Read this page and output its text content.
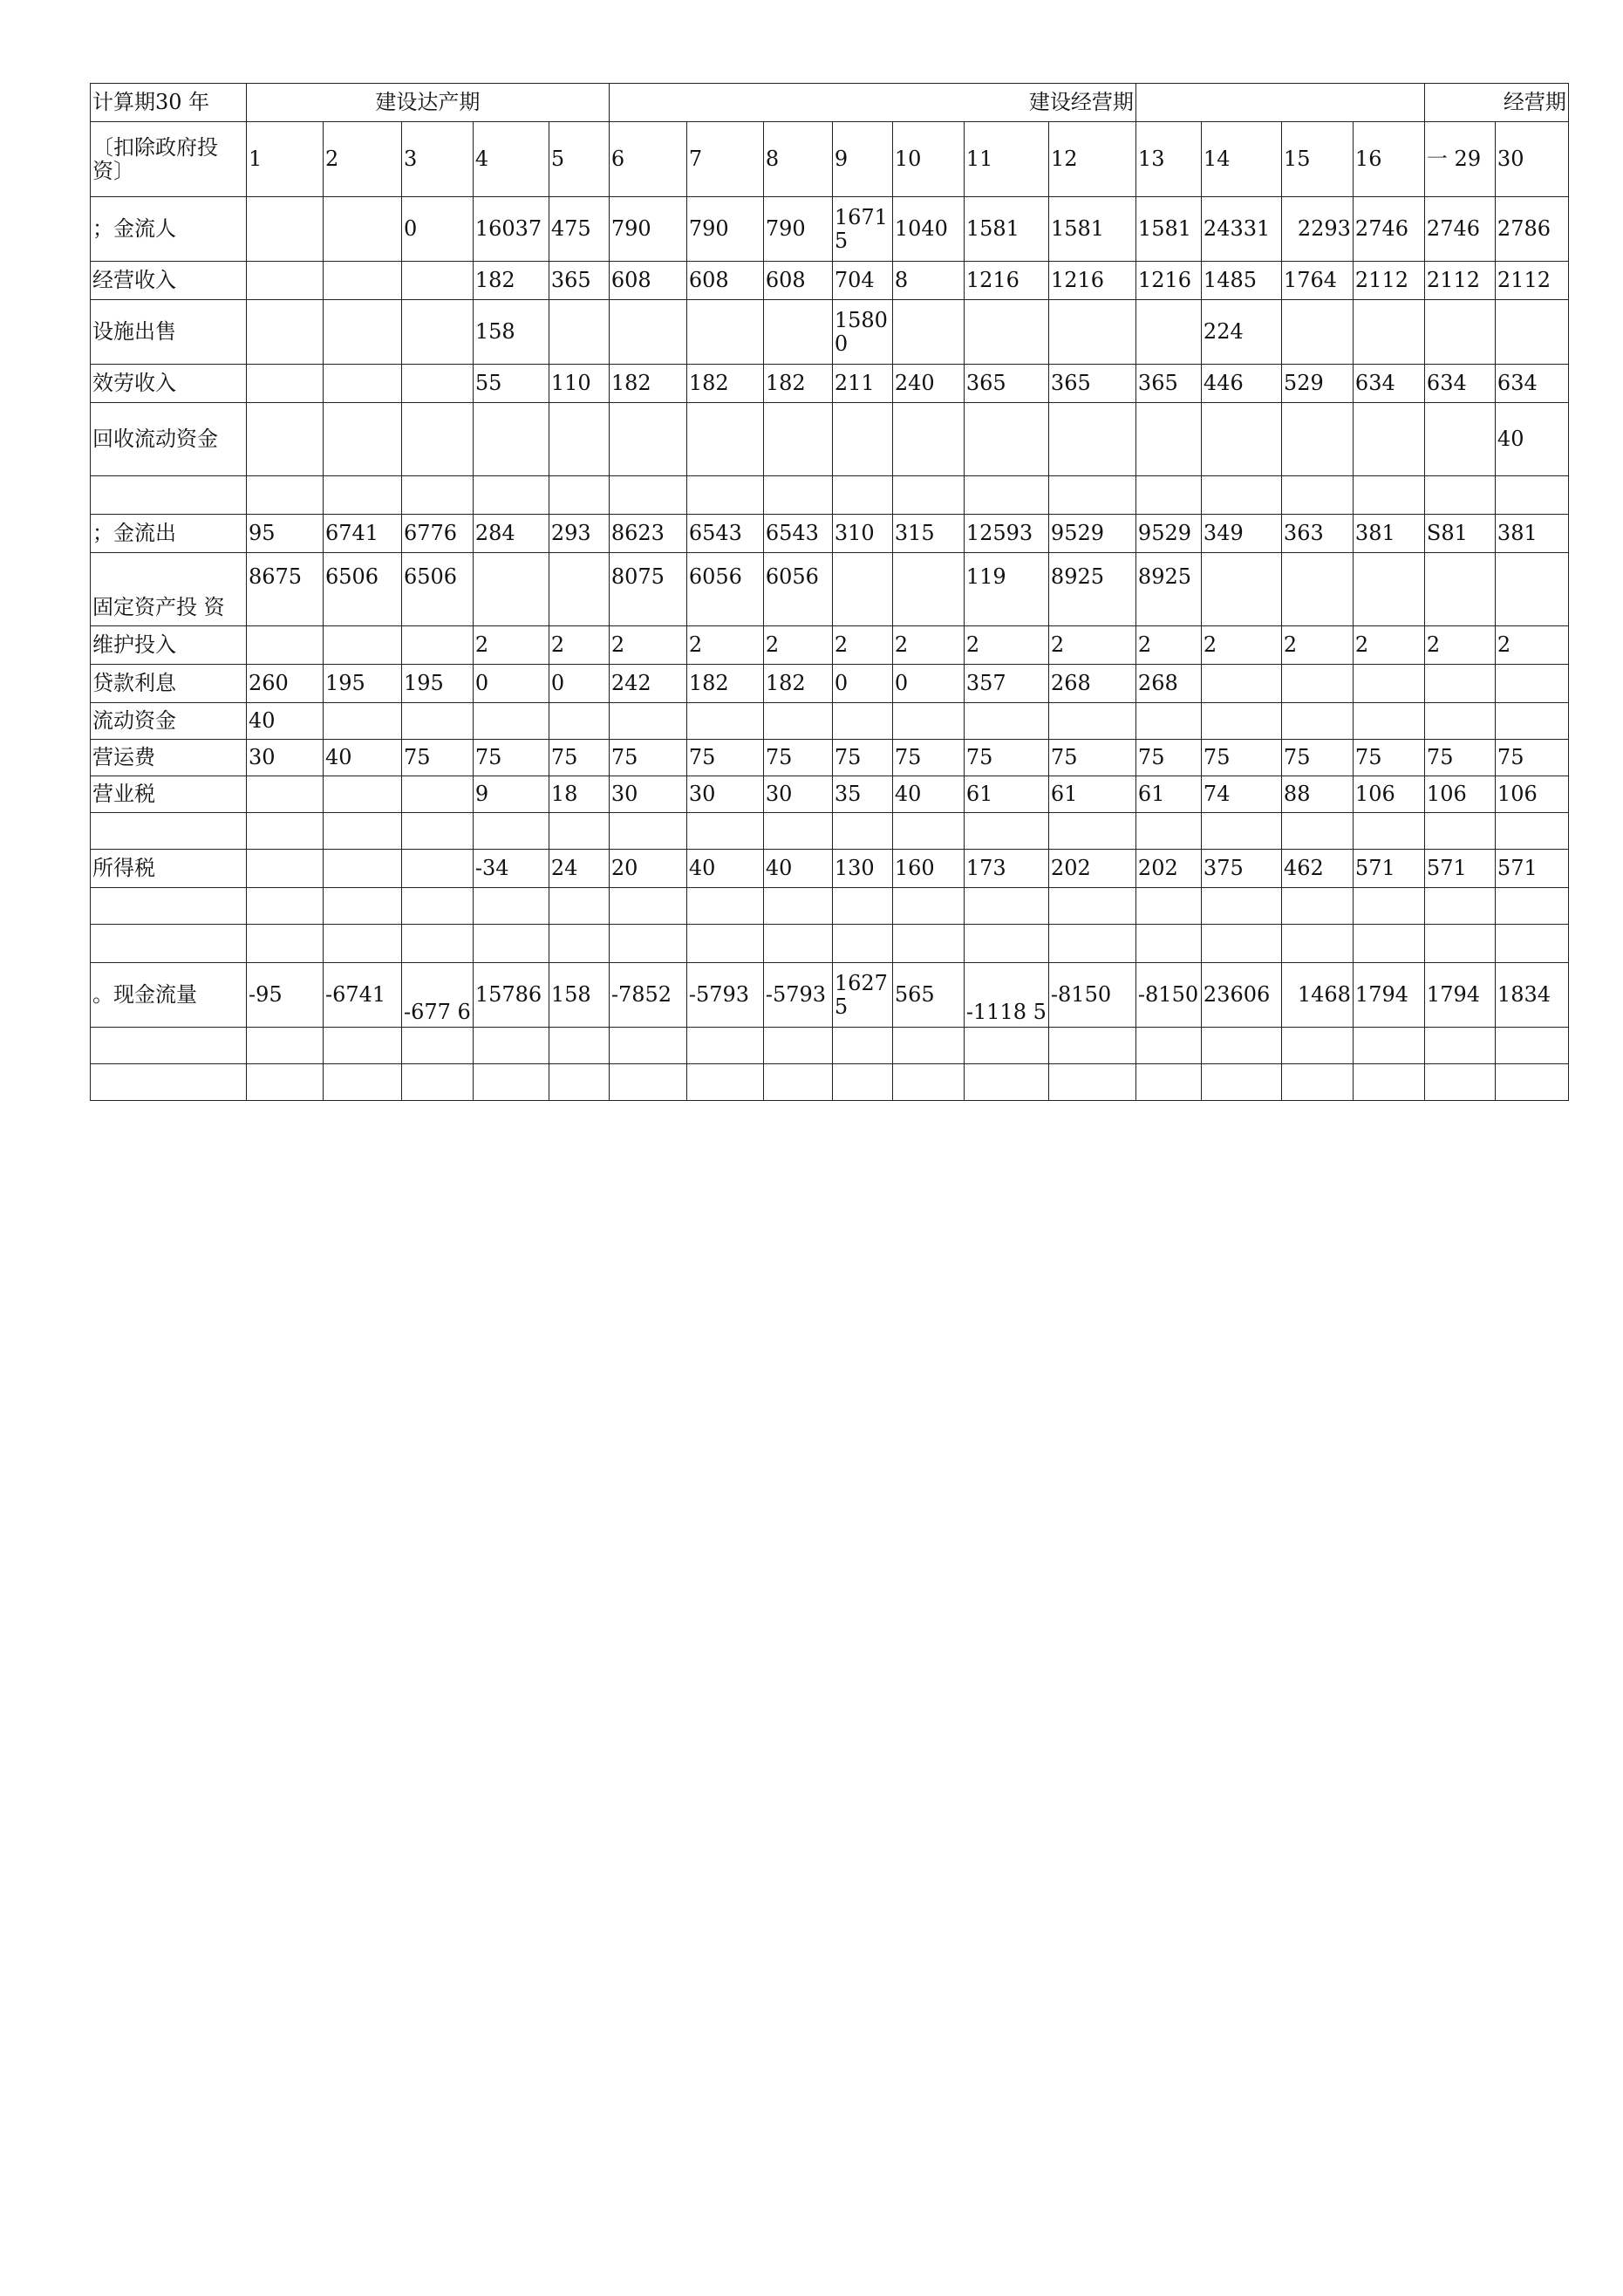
计算期30 年	建设达产期					建设经营期											经营期	
〔扣除政府投资〕	1	2	3	4	5	6	7	8	9	10	11	12	13	14	15	16	一 29	30
；金流人			0	16037	475	790	790	790	16715	1040	1581	1581	1581	24331	2293	2746	2746	2786
经营收入				182	365	608	608	608	704	8	1216	1216	1216	1485	1764	2112	2112	2112
设施出售				158					15800					224				
效劳收入				55	110	182	182	182	211	240	365	365	365	446	529	634	634	634
回收流动资金																		40

；金流出	95	6741	6776	284	293	8623	6543	6543	310	315	12593	9529	9529	349	363	381	S81	381
固定资产投 资	8675	6506	6506			8075	6056	6056			119	8925	8925					
维护投入				2	2	2	2	2	2	2	2	2	2	2	2	2	2	2
贷款利息	260	195	195	0	0	242	182	182	0	0	357	268	268					
流动资金	40																	
营运费	30	40	75	75	75	75	75	75	75	75	75	75	75	75	75	75	75	75
营业税				9	18	30	30	30	35	40	61	61	61	74	88	106	106	106

所得税				-34	24	20	40	40	130	160	173	202	202	375	462	571	571	571

。现金流量	-95	-6741	-677 6	15786	158	-7852	-5793	-5793	16275	565	-1118 5	-8150	-8150	23606	1468	1794	1794	1834
